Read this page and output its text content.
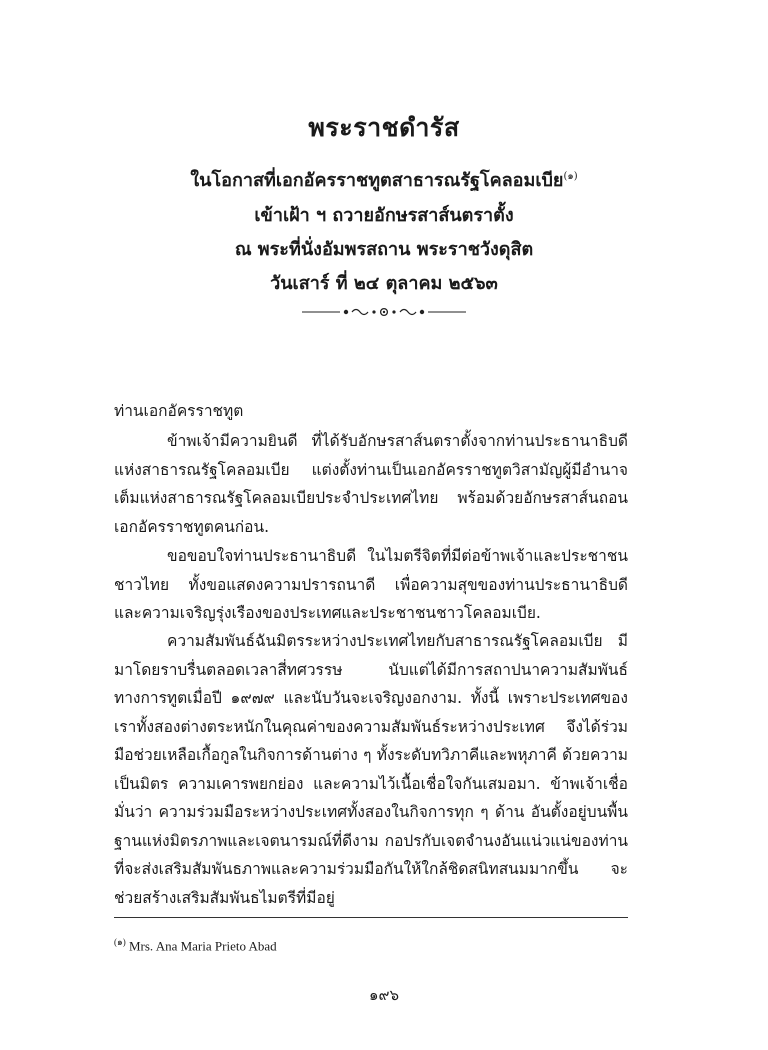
พระราชดำรัส
ในโอกาสที่เอกอัครราชทูตสาธารณรัฐโคลอมเบีย$^{(๑)}$
เข้าเฝ้า ฯ ถวายอักษรสาส์นตราตั้ง
ณ พระที่นั่งอัมพรสถาน พระราชวังดุสิต
วันเสาร์ ที่ ๒๔ ตุลาคม ๒๕๖๓
ท่านเอกอัครราชทูต

ข้าพเจ้ามีความยินดี ที่ได้รับอักษรสาส์นตราตั้งจากท่านประธานาธิบดีแห่งสาธารณรัฐโคลอมเบีย แต่งตั้งท่านเป็นเอกอัครราชทูตวิสามัญผู้มีอำนาจเต็มแห่งสาธารณรัฐโคลอมเบียประจำประเทศไทย พร้อมด้วยอักษรสาส์นถอนเอกอัครราชทูตคนก่อน.

ขอขอบใจท่านประธานาธิบดี ในไมตรีจิตที่มีต่อข้าพเจ้าและประชาชนชาวไทย ทั้งขอแสดงความปรารถนาดี เพื่อความสุขของท่านประธานาธิบดี และความเจริญรุ่งเรืองของประเทศและประชาชนชาวโคลอมเบีย.

ความสัมพันธ์ฉันมิตรระหว่างประเทศไทยกับสาธารณรัฐโคลอมเบีย มีมาโดยราบรื่นตลอดเวลาสี่ทศวรรษ นับแต่ได้มีการสถาปนาความสัมพันธ์ทางการทูตเมื่อปี ๑๙๗๙ และนับวันจะเจริญงอกงาม. ทั้งนี้ เพราะประเทศของเราทั้งสองต่างตระหนักในคุณค่าของความสัมพันธ์ระหว่างประเทศ จึงได้ร่วมมือช่วยเหลือเกื้อกูลในกิจการด้านต่าง ๆ ทั้งระดับทวิภาคีและพหุภาคี ด้วยความเป็นมิตร ความเคารพยกย่อง และความไว้เนื้อเชื่อใจกันเสมอมา. ข้าพเจ้าเชื่อมั่นว่า ความร่วมมือระหว่างประเทศทั้งสองในกิจการทุก ๆ ด้าน อันตั้งอยู่บนพื้นฐานแห่งมิตรภาพและเจตนารมณ์ที่ดีงาม กอปรกับเจตจำนงอันแน่วแน่ของท่าน ที่จะส่งเสริมสัมพันธภาพและความร่วมมือกันให้ใกล้ชิดสนิทสนมมากขึ้น จะช่วยสร้างเสริมสัมพันธไมตรีที่มีอยู่

$^{(๑)}$ Mrs. Ana Maria Prieto Abad
๑๙๖
